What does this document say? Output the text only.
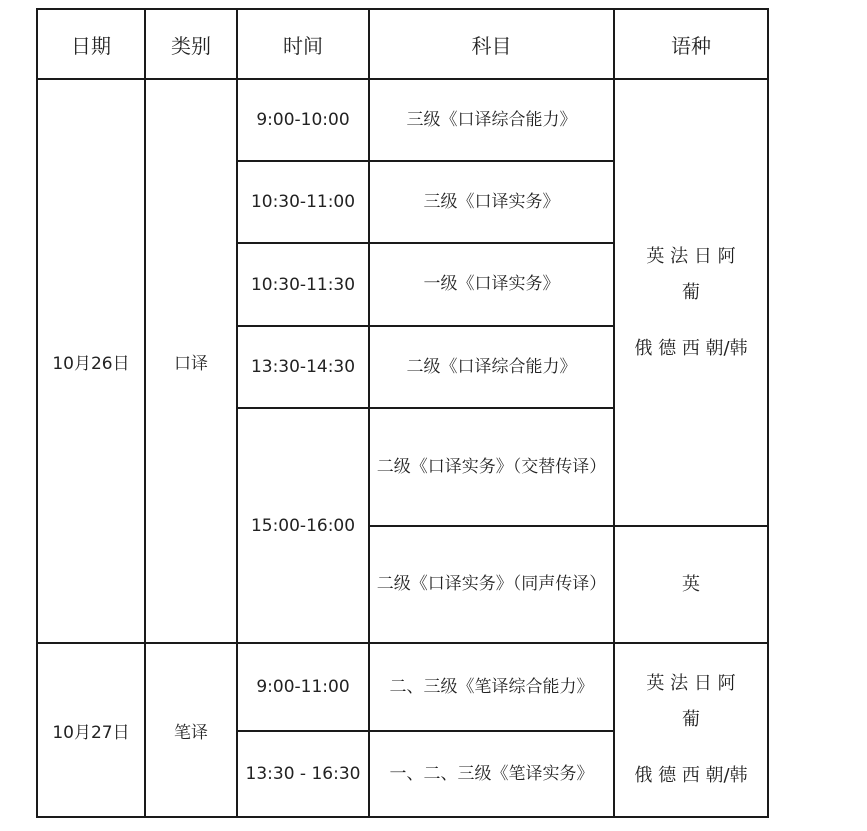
日期	类别	时间	科目	语种
10月26日	口译	9:00-10:00	三级《口译综合能力》	英 法 日 阿
葡
俄 德 西 朝/韩

		10:30-11:00	三级《口译实务》	
		10:30-11:30	一级《口译实务》	
		13:30-14:30	二级《口译综合能力》	
		15:00-16:00	二级《口译实务》（交替传译）	
			二级《口译实务》（同声传译）	英
10月27日	笔译	9:00-11:00	二、三级《笔译综合能力》	英 法 日 阿
葡
俄 德 西 朝/韩

		13:30 - 16:30	一、二、三级《笔译实务》	
